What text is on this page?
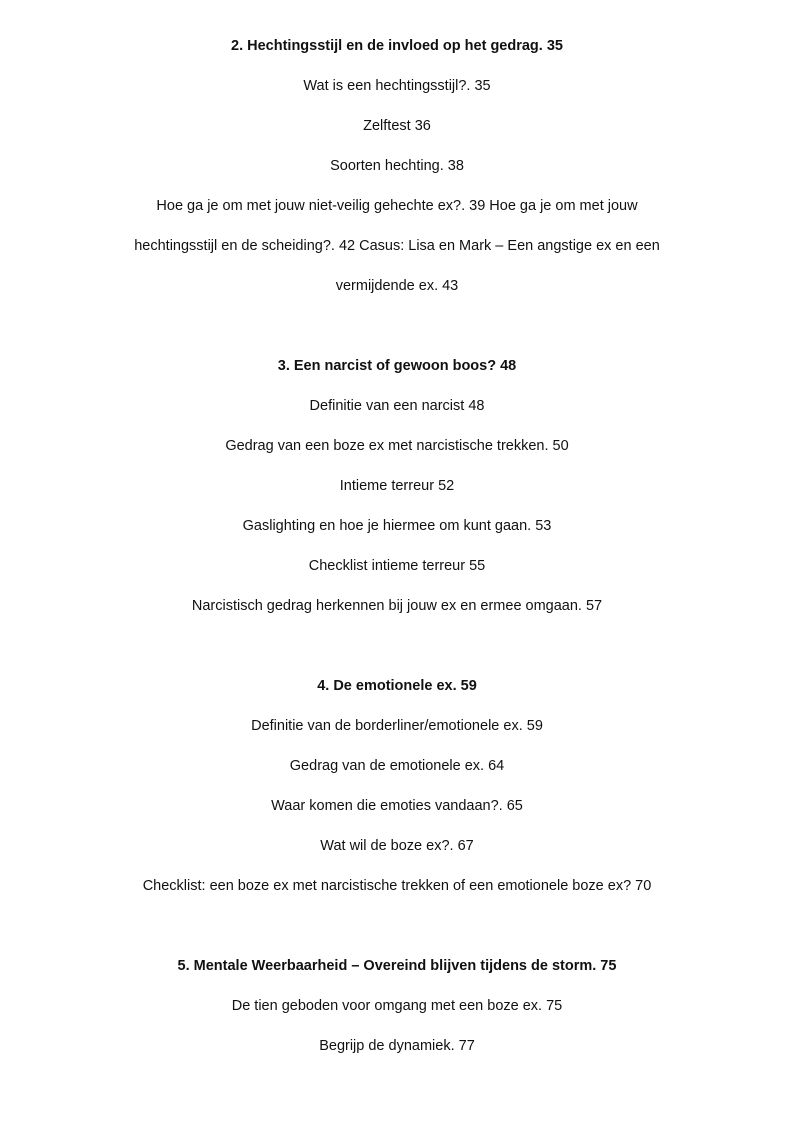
2. Hechtingsstijl en de invloed op het gedrag. 35
Wat is een hechtingsstijl?. 35
Zelftest 36
Soorten hechting. 38
Hoe ga je om met jouw niet-veilig gehechte ex?. 39 Hoe ga je om met jouw
hechtingsstijl en de scheiding?. 42 Casus: Lisa en Mark – Een angstige ex en een
vermijdende ex. 43
3. Een narcist of gewoon boos? 48
Definitie van een narcist 48
Gedrag van een boze ex met narcistische trekken. 50
Intieme terreur 52
Gaslighting en hoe je hiermee om kunt gaan. 53
Checklist intieme terreur 55
Narcistisch gedrag herkennen bij jouw ex en ermee omgaan. 57
4. De emotionele ex. 59
Definitie van de borderliner/emotionele ex. 59
Gedrag van de emotionele ex. 64
Waar komen die emoties vandaan?. 65
Wat wil de boze ex?. 67
Checklist: een boze ex met narcistische trekken of een emotionele boze ex? 70
5. Mentale Weerbaarheid – Overeind blijven tijdens de storm. 75
De tien geboden voor omgang met een boze ex. 75
Begrijp de dynamiek. 77
